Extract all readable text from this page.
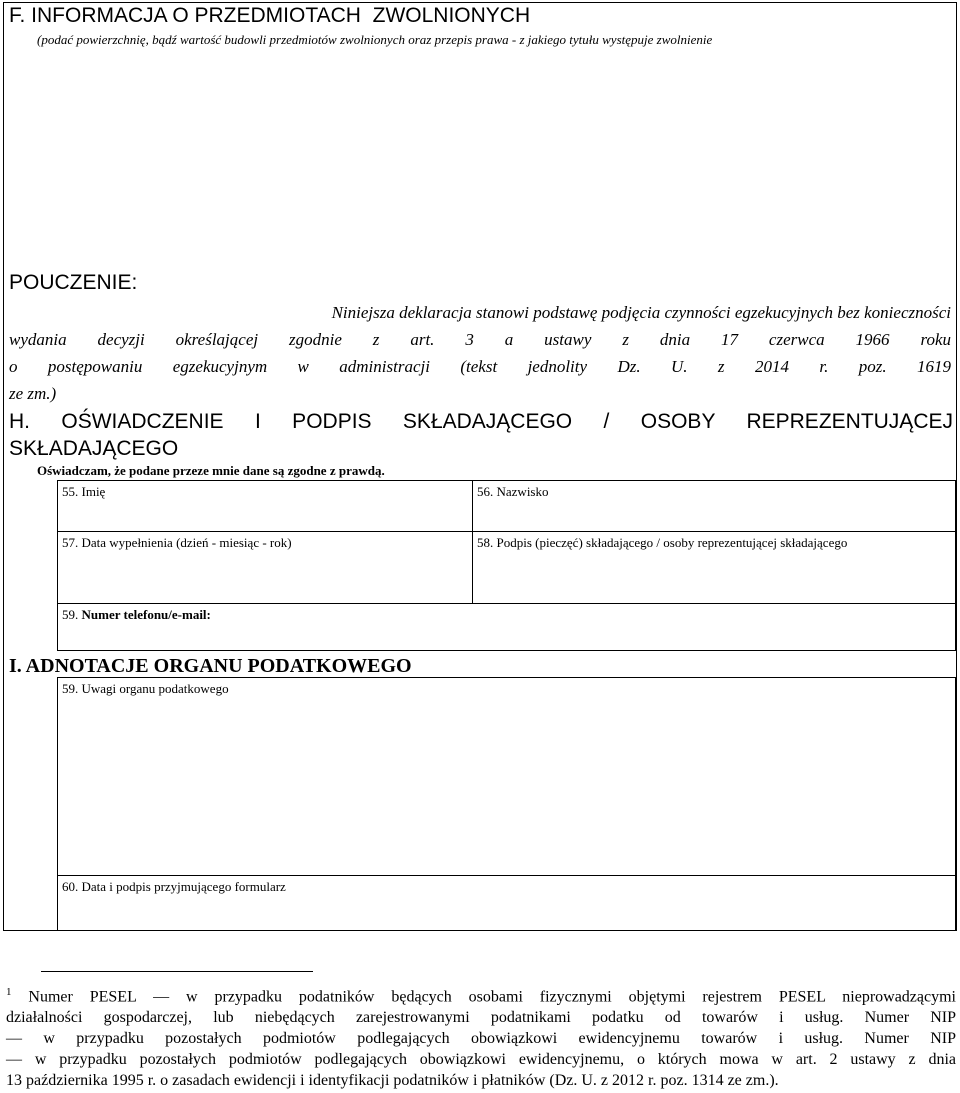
F. INFORMACJA O PRZEDMIOTACH  ZWOLNIONYCH
(podać powierzchnię, bądź wartość budowli przedmiotów zwolnionych oraz przepis prawa - z jakiego tytułu występuje zwolnienie
POUCZENIE:
Niniejsza deklaracja stanowi podstawę podjęcia czynności egzekucyjnych bez konieczności
wydania decyzji określającej zgodnie z art. 3 a ustawy z dnia 17 czerwca 1966 roku
o postępowaniu egzekucyjnym w administracji (tekst jednolity Dz. U. z 2014 r. poz. 1619
ze zm.)
H. OŚWIADCZENIE I PODPIS SKŁADAJĄCEGO / OSOBY REPREZENTUJĄCEJ
SKŁADAJĄCEGO
Oświadczam, że podane przeze mnie dane są zgodne z prawdą.
55. Imię	56. Nazwisko
57. Data wypełnienia (dzień - miesiąc - rok)	58. Podpis (pieczęć) składającego / osoby reprezentującej składającego
59. Numer telefonu/e-mail:
I. ADNOTACJE ORGANU PODATKOWEGO
59. Uwagi organu podatkowego
60. Data i podpis przyjmującego formularz
$^1$ Numer PESEL — w przypadku podatników będących osobami fizycznymi objętymi rejestrem PESEL nieprowadzącymi
działalności gospodarczej, lub niebędących zarejestrowanymi podatnikami podatku od towarów i usług. Numer NIP
— w przypadku pozostałych podmiotów podlegających obowiązkowi ewidencyjnemu towarów i usług. Numer NIP
— w przypadku pozostałych podmiotów podlegających obowiązkowi ewidencyjnemu, o których mowa w art. 2 ustawy z dnia
13 października 1995 r. o zasadach ewidencji i identyfikacji podatników i płatników (Dz. U. z 2012 r. poz. 1314 ze zm.).
